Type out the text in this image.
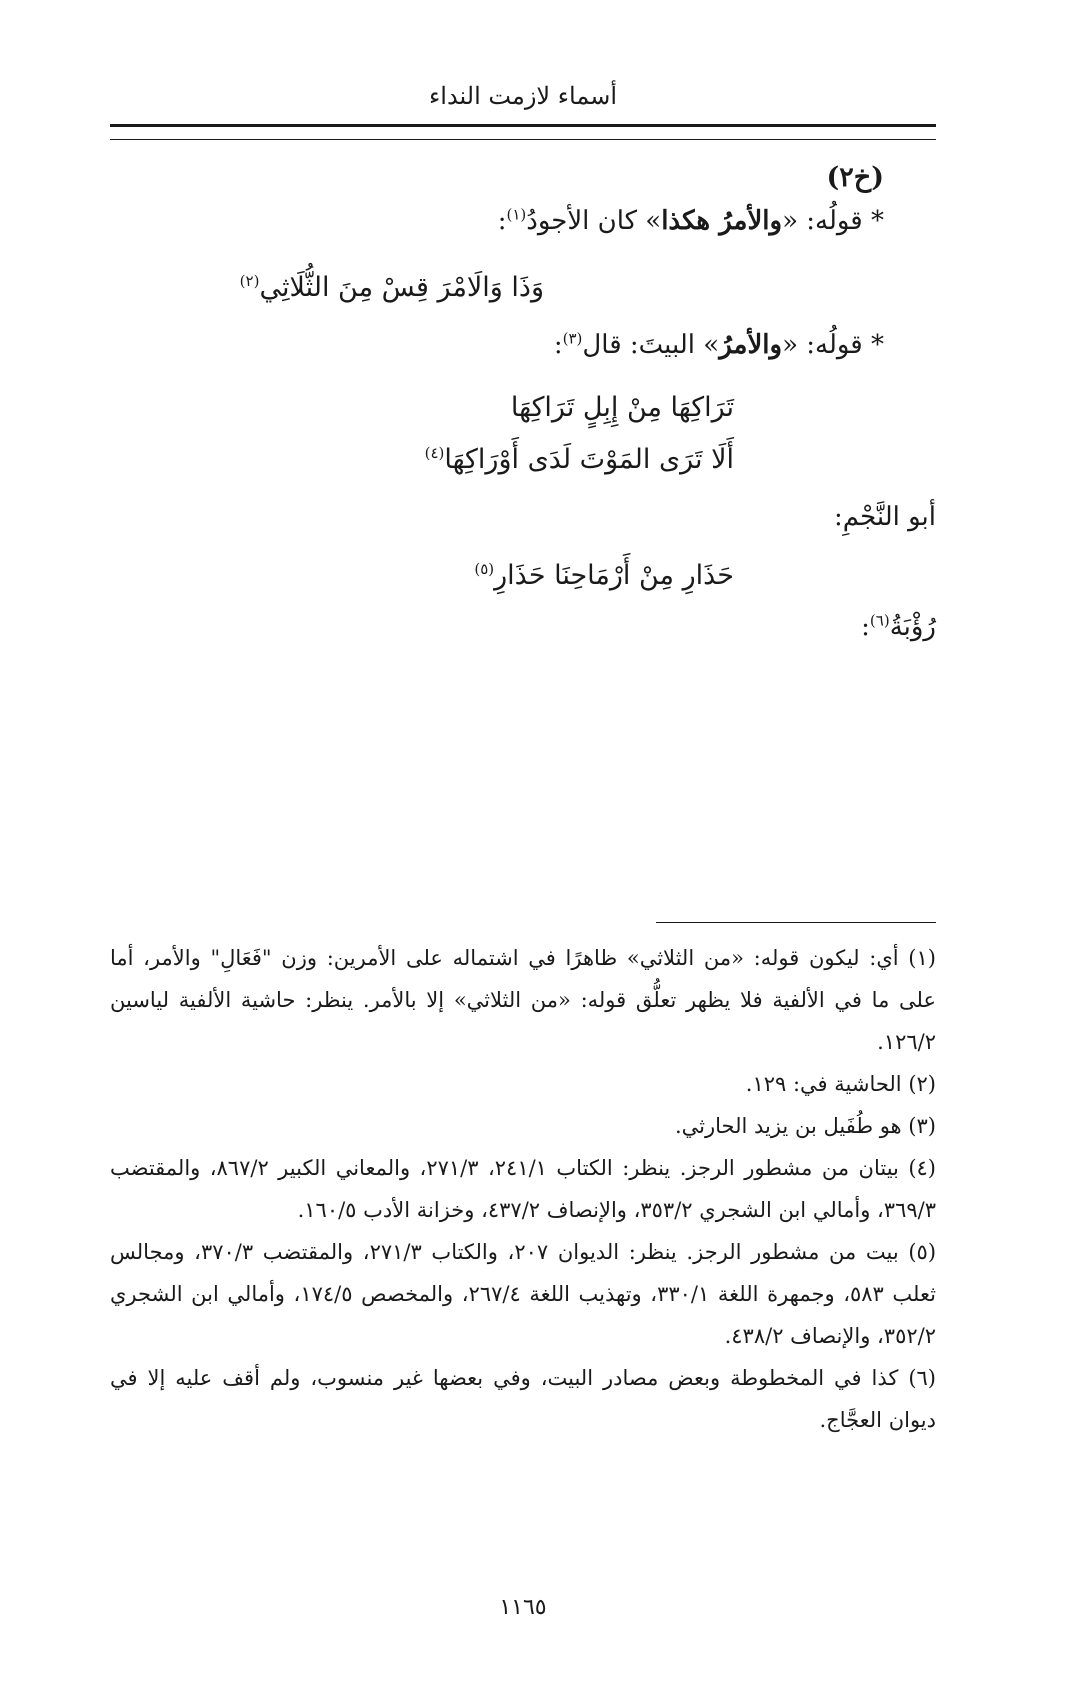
أسماء لازمت النداء
(خ٢)
* قولُه: «والأمرُ هكذا» كان الأجودُ$^{(١)}$:
وَذَا وَالَامْرَ قِسْ مِنَ الثُّلَاثِي$^{(٢)}$
* قولُه: «والأمرُ» البيتَ: قال$^{(٣)}$:
تَرَاكِهَا مِنْ إِبِلٍ تَرَاكِهَا
أَلَا تَرَى المَوْتَ لَدَى أَوْرَاكِهَا$^{(٤)}$
أبو النَّجْمِ:
حَذَارِ مِنْ أَرْمَاحِنَا حَذَارِ$^{(٥)}$
رُؤْبَةُ$^{(٦)}$:
(١) أي: ليكون قوله: «من الثلاثي» ظاهرًا في اشتماله على الأمرين: وزن "فَعَالِ" والأمر، أما على ما في الألفية فلا يظهر تعلُّق قوله: «من الثلاثي» إلا بالأمر. ينظر: حاشية الألفية لياسين ١٢٦/٢.
(٢) الحاشية في: ١٢٩.
(٣) هو طُفَيل بن يزيد الحارثي.
(٤) بيتان من مشطور الرجز. ينظر: الكتاب ٢٤١/١، ٢٧١/٣، والمعاني الكبير ٨٦٧/٢، والمقتضب ٣٦٩/٣، وأمالي ابن الشجري ٣٥٣/٢، والإنصاف ٤٣٧/٢، وخزانة الأدب ١٦٠/٥.
(٥) بيت من مشطور الرجز. ينظر: الديوان ٢٠٧، والكتاب ٢٧١/٣، والمقتضب ٣٧٠/٣، ومجالس ثعلب ٥٨٣، وجمهرة اللغة ٣٣٠/١، وتهذيب اللغة ٢٦٧/٤، والمخصص ١٧٤/٥، وأمالي ابن الشجري ٣٥٢/٢، والإنصاف ٤٣٨/٢.
(٦) كذا في المخطوطة وبعض مصادر البيت، وفي بعضها غير منسوب، ولم أقف عليه إلا في ديوان العجَّاج.
١١٦٥
